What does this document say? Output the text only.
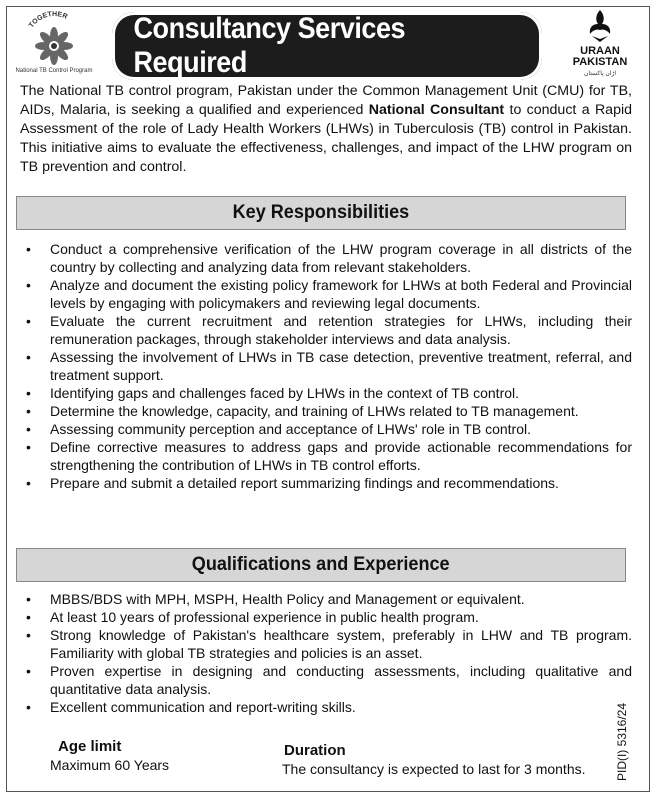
TOGETHER
National TB Control Program
Consultancy Services Required	URAAN
PAKISTAN
اڑان پاکستان
The National TB control program, Pakistan under the Common Management Unit (CMU) for TB, AIDs, Malaria, is seeking a qualified and experienced National Consultant to conduct a Rapid Assessment of the role of Lady Health Workers (LHWs) in Tuberculosis (TB) control in Pakistan. This initiative aims to evaluate the effectiveness, challenges, and impact of the LHW program on TB prevention and control.
Key Responsibilities
• Conduct a comprehensive verification of the LHW program coverage in all districts of the country by collecting and analyzing data from relevant stakeholders.
• Analyze and document the existing policy framework for LHWs at both Federal and Provincial levels by engaging with policymakers and reviewing legal documents.
• Evaluate the current recruitment and retention strategies for LHWs, including their remuneration packages, through stakeholder interviews and data analysis.
• Assessing the involvement of LHWs in TB case detection, preventive treatment, referral, and treatment support.
• Identifying gaps and challenges faced by LHWs in the context of TB control.
• Determine the knowledge, capacity, and training of LHWs related to TB management.
• Assessing community perception and acceptance of LHWs' role in TB control.
• Define corrective measures to address gaps and provide actionable recommendations for strengthening the contribution of LHWs in TB control efforts.
• Prepare and submit a detailed report summarizing findings and recommendations.
Qualifications and Experience
• MBBS/BDS with MPH, MSPH, Health Policy and Management or equivalent.
• At least 10 years of professional experience in public health program.
• Strong knowledge of Pakistan's healthcare system, preferably in LHW and TB program. Familiarity with global TB strategies and policies is an asset.
• Proven expertise in designing and conducting assessments, including qualitative and quantitative data analysis.
• Excellent communication and report-writing skills.
Age limit
Maximum 60 Years
Duration
The consultancy is expected to last for 3 months. PID(I) 5316/24
